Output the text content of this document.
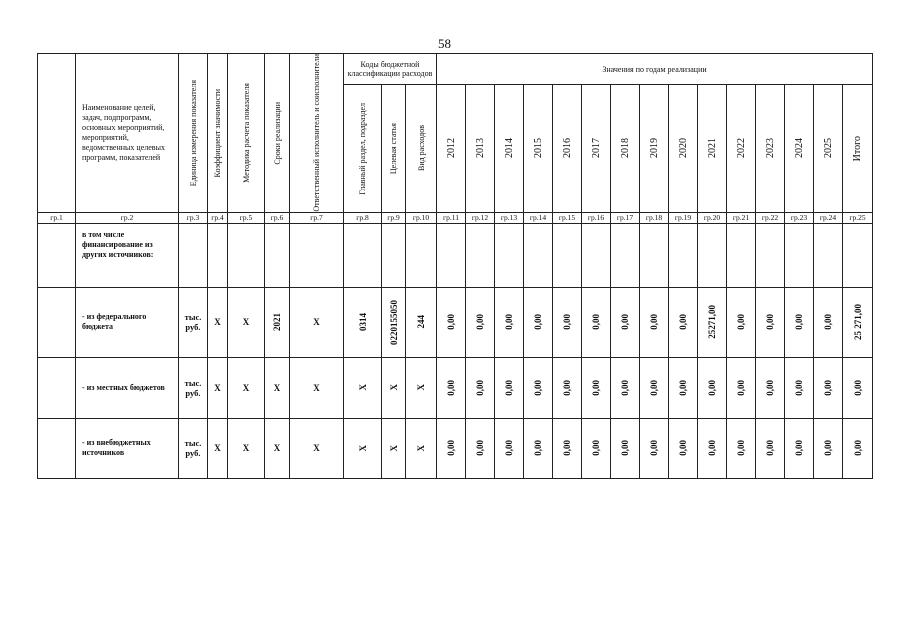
58
	Наименование целей, задач, подпрограмм, основных мероприятий, мероприятий, ведомственных целевых программ, показателей	Единица измерения показателя	Коэффициент значимости	Методика расчета показателя	Сроки реализации	Ответственный исполнитель и соисполнители	Коды бюджетной классификации расходов			Значения по годам реализации														

							Главный раздел, подраздел	Целевая статья	Вид расходов	2012	2013	2014	2015	2016	2017	2018	2019	2020	2021	2022	2023	2024	2025	Итого

гр.1	гр.2	гр.3	гр.4	гр.5	гр.6	гр.7	гр.8	гр.9	гр.10	гр.11	гр.12	гр.13	гр.14	гр.15	гр.16	гр.17	гр.18	гр.19	гр.20	гр.21	гр.22	гр.23	гр.24	гр.25
	в том числе финансирование из других источников:																							
	- из федерального бюджета	тыс. руб.	Х	Х	2021	Х	0314	0220155050	244	0,00	0,00	0,00	0,00	0,00	0,00	0,00	0,00	0,00	25271,00	0,00	0,00	0,00	0,00	25 271,00

	- из местных бюджетов	тыс. руб.	Х	Х	Х	Х	Х	Х	Х	0,00	0,00	0,00	0,00	0,00	0,00	0,00	0,00	0,00	0,00	0,00	0,00	0,00	0,00	0,00

	- из внебюджетных источников	тыс. руб.	Х	Х	Х	Х	Х	Х	Х	0,00	0,00	0,00	0,00	0,00	0,00	0,00	0,00	0,00	0,00	0,00	0,00	0,00	0,00	0,00
